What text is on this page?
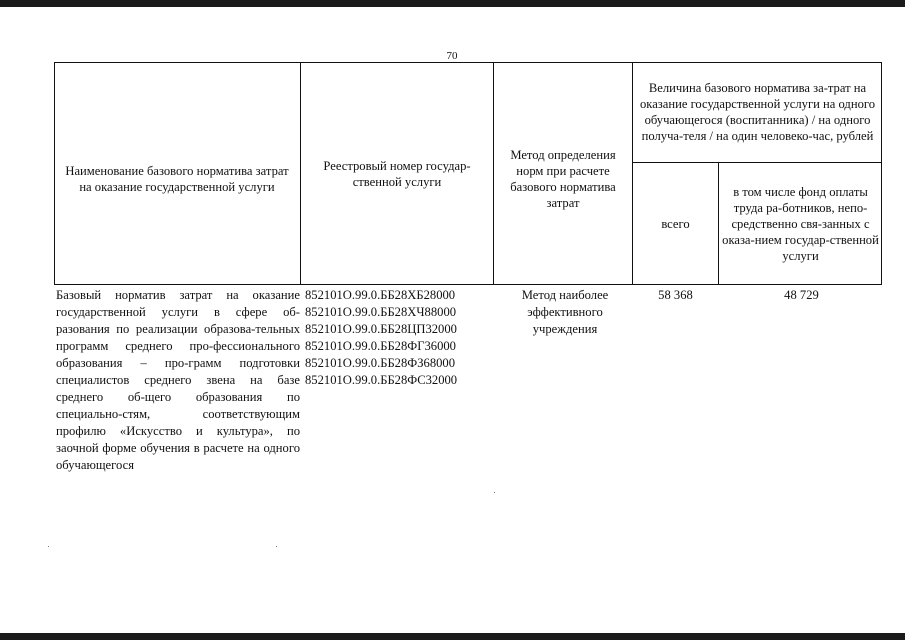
70
Наименование базового норматива затрат на оказание государственной услуги
Реестровый номер государ-ственной услуги
Метод определения норм при расчете базового норматива затрат
Величина базового норматива за-трат на оказание государственной услуги на одного обучающегося (воспитанника) / на одного получа-теля / на один человеко-час, рублей
всего
в том числе фонд оплаты труда ра-ботников, непо-средственно свя-занных с оказа-нием государ-ственной услуги
Базовый норматив затрат на оказание государственной услуги в сфере об-разования по реализации образова-тельных программ среднего про-фессионального образования – про-грамм подготовки специалистов среднего звена на базе среднего об-щего образования по специально-стям, соответствующим профилю «Искусство и культура», по заочной форме обучения в расчете на одного обучающегося
852101О.99.0.ББ28ХБ28000
852101О.99.0.ББ28ХЧ88000
852101О.99.0.ББ28ЦП32000
852101О.99.0.ББ28ФГ36000
852101О.99.0.ББ28ФЗ68000
852101О.99.0.ББ28ФС32000
Метод наиболее эффективного учреждения
58 368	48 729
